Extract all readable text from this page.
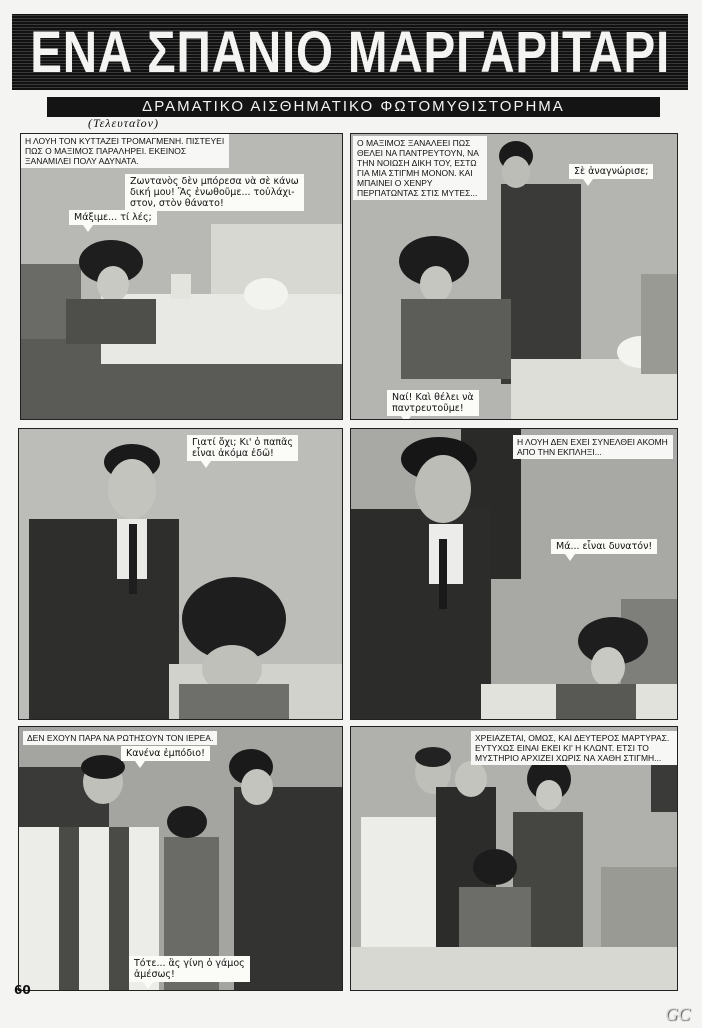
ΕΝΑ ΣΠΑΝΙΟ ΜΑΡΓΑΡΙΤΑΡΙ
ΔΡΑΜΑΤΙΚΟ ΑΙΣΘΗΜΑΤΙΚΟ ΦΩΤΟΜΥΘΙΣΤΟΡΗΜΑ
(Τελευταῖον)
Η ΛΟΥΗ ΤΟΝ ΚΥΤΤΑΖΕΙ ΤΡΟΜΑΓΜΕΝΗ. ΠΙΣΤΕΥΕΙ ΠΩΣ Ο ΜΑΞΙΜΟΣ ΠΑΡΑΛΗΡΕΙ. ΕΚΕΙΝΟΣ ΞΑΝΑΜΙΛΕΙ ΠΟΛΥ ΑΔΥΝΑΤΑ.
Ζωντανὸς δὲν μπόρεσα νὰ σὲ κάνω
δική μου! Ἂς ἑνωθοῦμε... τοὐλάχι-
στον, στὸν θάνατο!
Μάξιμε... τί λές;
Ο ΜΑΞΙΜΟΣ ΞΑΝΑΛΕΕΙ ΠΩΣ ΘΕΛΕΙ ΝΑ ΠΑΝΤΡΕΥΤΟΥΝ, ΝΑ ΤΗΝ ΝΟΙΩΣΗ ΔΙΚΗ ΤΟΥ, ΕΣΤΩ ΓΙΑ ΜΙΑ ΣΤΙΓΜΗ ΜΟΝΟΝ. ΚΑΙ ΜΠΑΙΝΕΙ Ο ΧΕΝΡΥ ΠΕΡΠΑΤΩΝΤΑΣ ΣΤΙΣ ΜΥΤΕΣ...
Σὲ ἀναγνώρισε;
Ναί! Καὶ θέλει νὰ
παντρευτοῦμε!
Γιατί ὄχι; Κι' ὁ παπᾶς
εἶναι ἀκόμα ἐδῶ!
Η ΛΟΥΗ ΔΕΝ ΕΧΕΙ ΣΥΝΕΛΘΕΙ ΑΚΟΜΗ ΑΠΟ ΤΗΝ ΕΚΠΛΗΞΙ...
Μά... εἶναι δυνατόν!
ΔΕΝ ΕΧΟΥΝ ΠΑΡΑ ΝΑ ΡΩΤΗΣΟΥΝ ΤΟΝ ΙΕΡΕΑ.
Κανένα ἐμπόδιο!
Τότε... ἂς γίνη ὁ γάμος
ἀμέσως!
ΧΡΕΙΑΖΕΤΑΙ, ΟΜΩΣ, ΚΑΙ ΔΕΥΤΕΡΟΣ ΜΑΡΤΥΡΑΣ. ΕΥΤΥΧΩΣ ΕΙΝΑΙ ΕΚΕΙ ΚΙ' Η ΚΛΩΝΤ. ΕΤΣΙ ΤΟ ΜΥΣΤΗΡΙΟ ΑΡΧΙΖΕΙ ΧΩΡΙΣ ΝΑ ΧΑΘΗ ΣΤΙΓΜΗ...
60
GC
